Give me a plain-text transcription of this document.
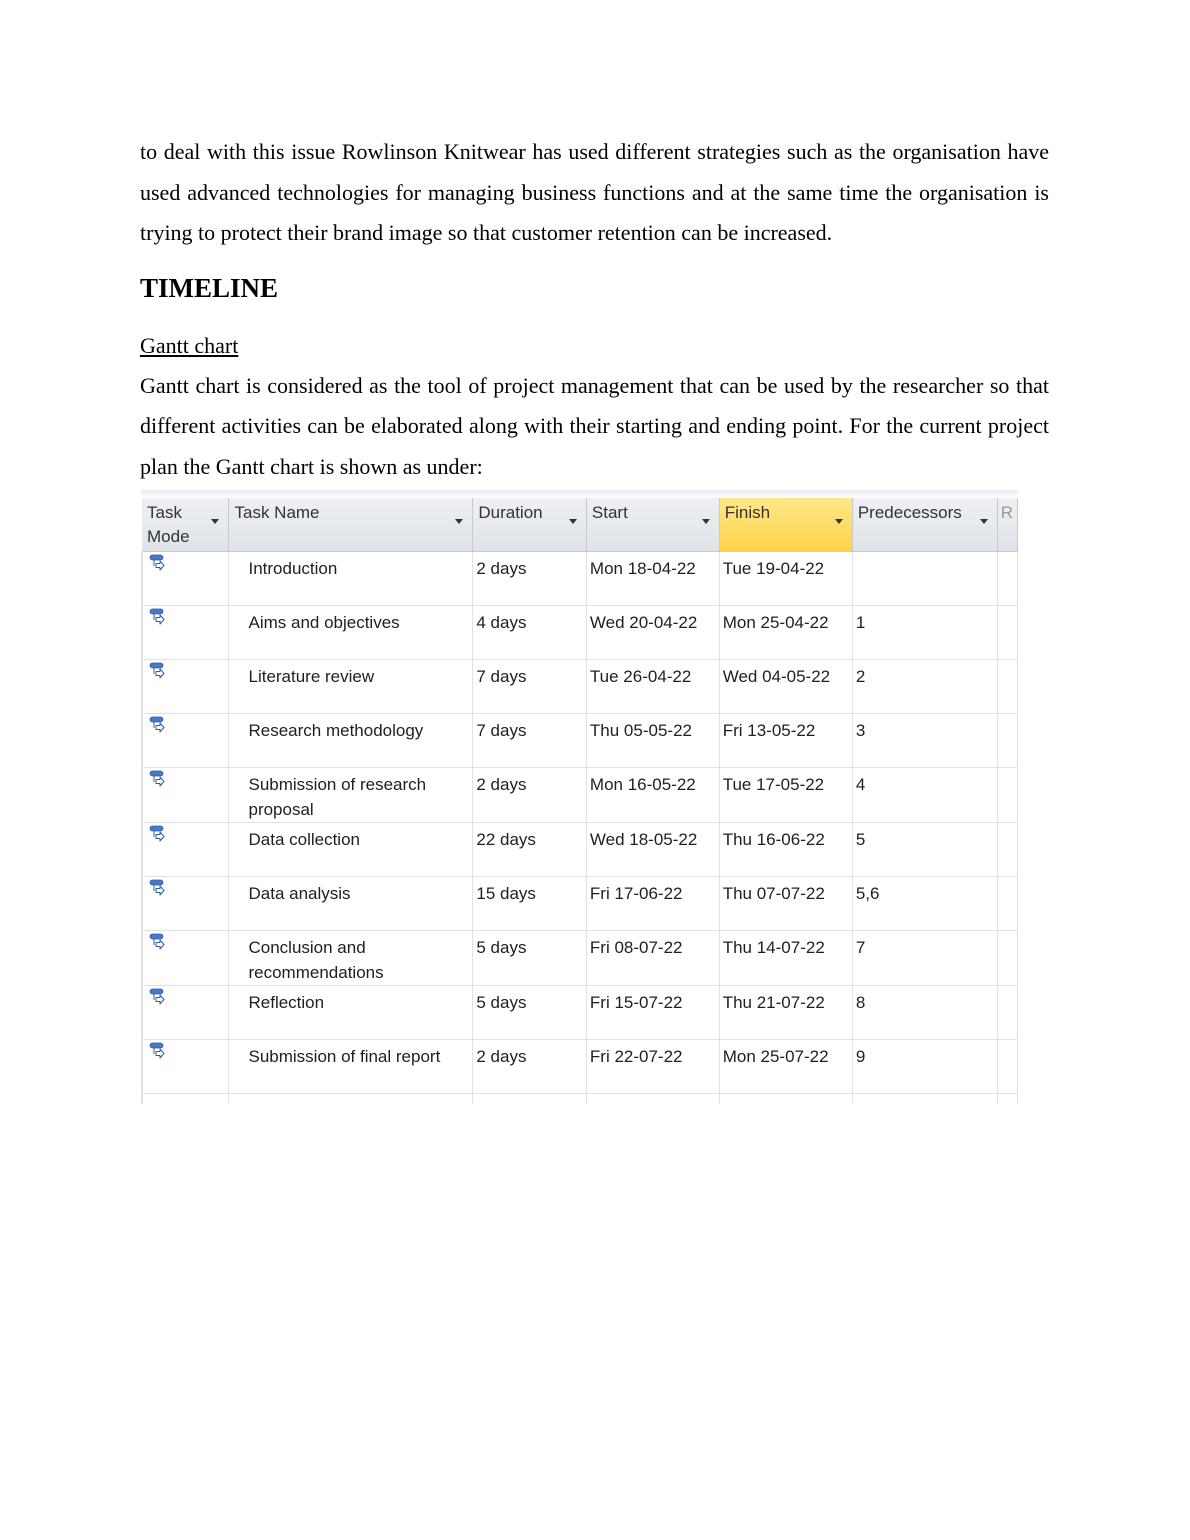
to deal with this issue Rowlinson Knitwear has used different strategies such as the organisation have used advanced technologies for managing business functions and at the same time the organisation is trying to protect their brand image so that customer retention can be increased.

TIMELINE
Gantt chart

Gantt chart is considered as the tool of project management that can be used by the researcher so that different activities can be elaborated along with their starting and ending point. For the current project plan the Gantt chart is shown as under:

Task Mode	Task Name	Duration	Start	Finish	Predecessors	R

	Introduction	2 days	Mon 18-04-22	Tue 19-04-22		

	Aims and objectives	4 days	Wed 20-04-22	Mon 25-04-22	1	

	Literature review	7 days	Tue 26-04-22	Wed 04-05-22	2	

	Research methodology	7 days	Thu 05-05-22	Fri 13-05-22	3	

	Submission of research proposal	2 days	Mon 16-05-22	Tue 17-05-22	4	

	Data collection	22 days	Wed 18-05-22	Thu 16-06-22	5	

	Data analysis	15 days	Fri 17-06-22	Thu 07-07-22	5,6	

	Conclusion and recommendations	5 days	Fri 08-07-22	Thu 14-07-22	7	

	Reflection	5 days	Fri 15-07-22	Thu 21-07-22	8	

	Submission of final report	2 days	Fri 22-07-22	Mon 25-07-22	9	
